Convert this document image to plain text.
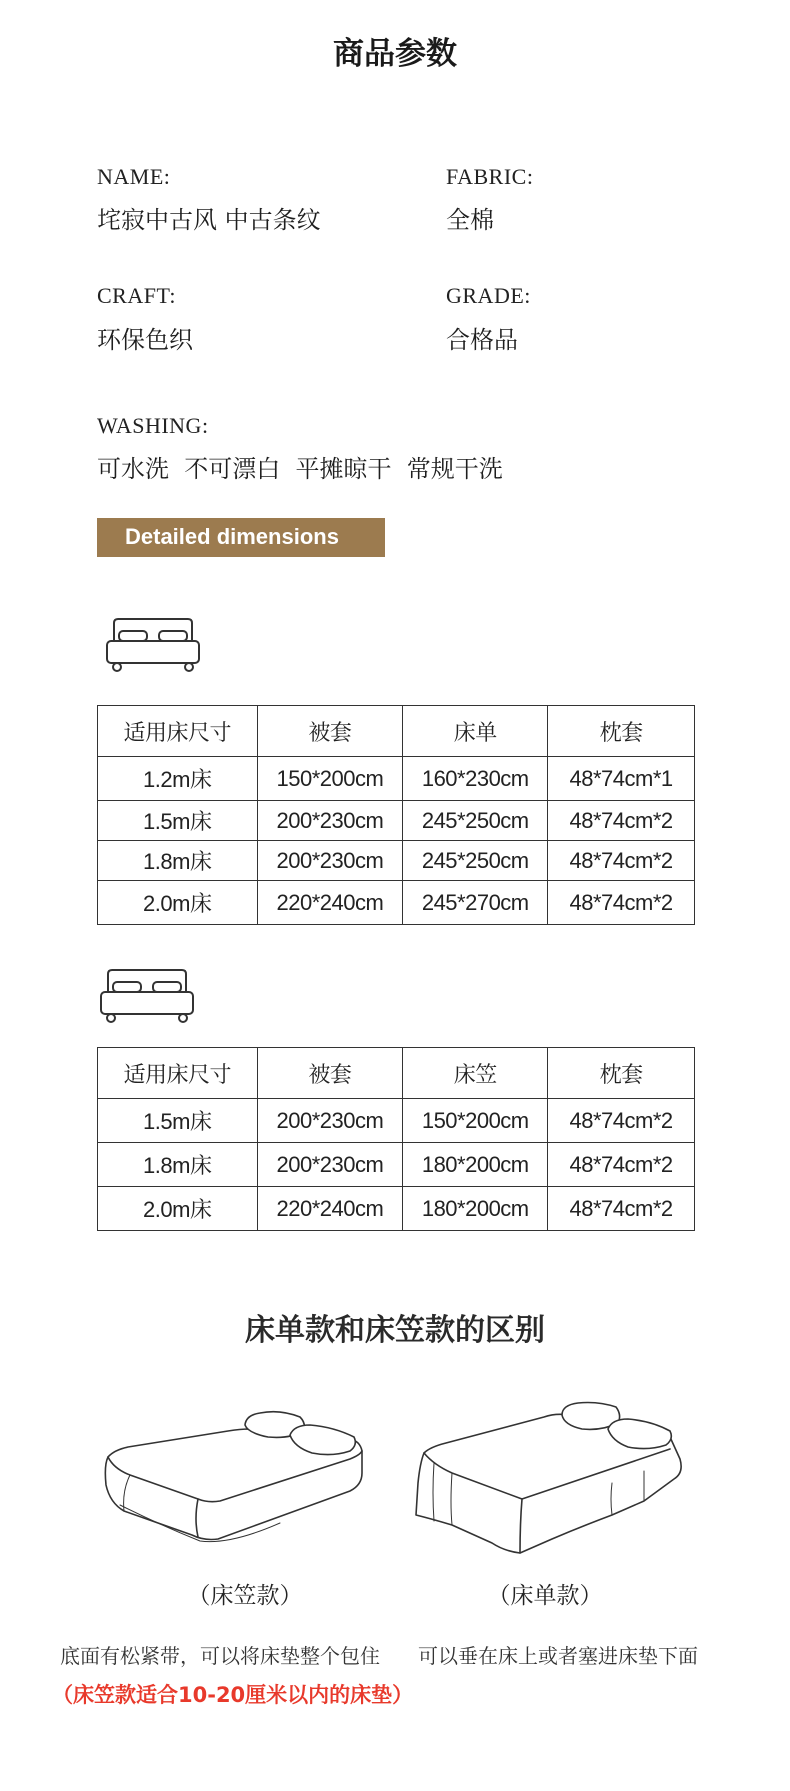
商品参数
NAME:
垞寂中古风 中古条纹
FABRIC:
全棉
CRAFT:
环保色织
GRADE:
合格品
WASHING:
可水洗  不可漂白  平摊晾干  常规干洗
Detailed dimensions
适用床尺寸	被套	床单	枕套
1.2m床	150*200cm	160*230cm	48*74cm*1
1.5m床	200*230cm	245*250cm	48*74cm*2
1.8m床	200*230cm	245*250cm	48*74cm*2
2.0m床	220*240cm	245*270cm	48*74cm*2
适用床尺寸	被套	床笠	枕套
1.5m床	200*230cm	150*200cm	48*74cm*2
1.8m床	200*230cm	180*200cm	48*74cm*2
2.0m床	220*240cm	180*200cm	48*74cm*2
床单款和床笠款的区别
（床笠款）	（床单款）
底面有松紧带，可以将床垫整个包住 可以垂在床上或者塞进床垫下面
（床笠款适合10-20厘米以内的床垫）
